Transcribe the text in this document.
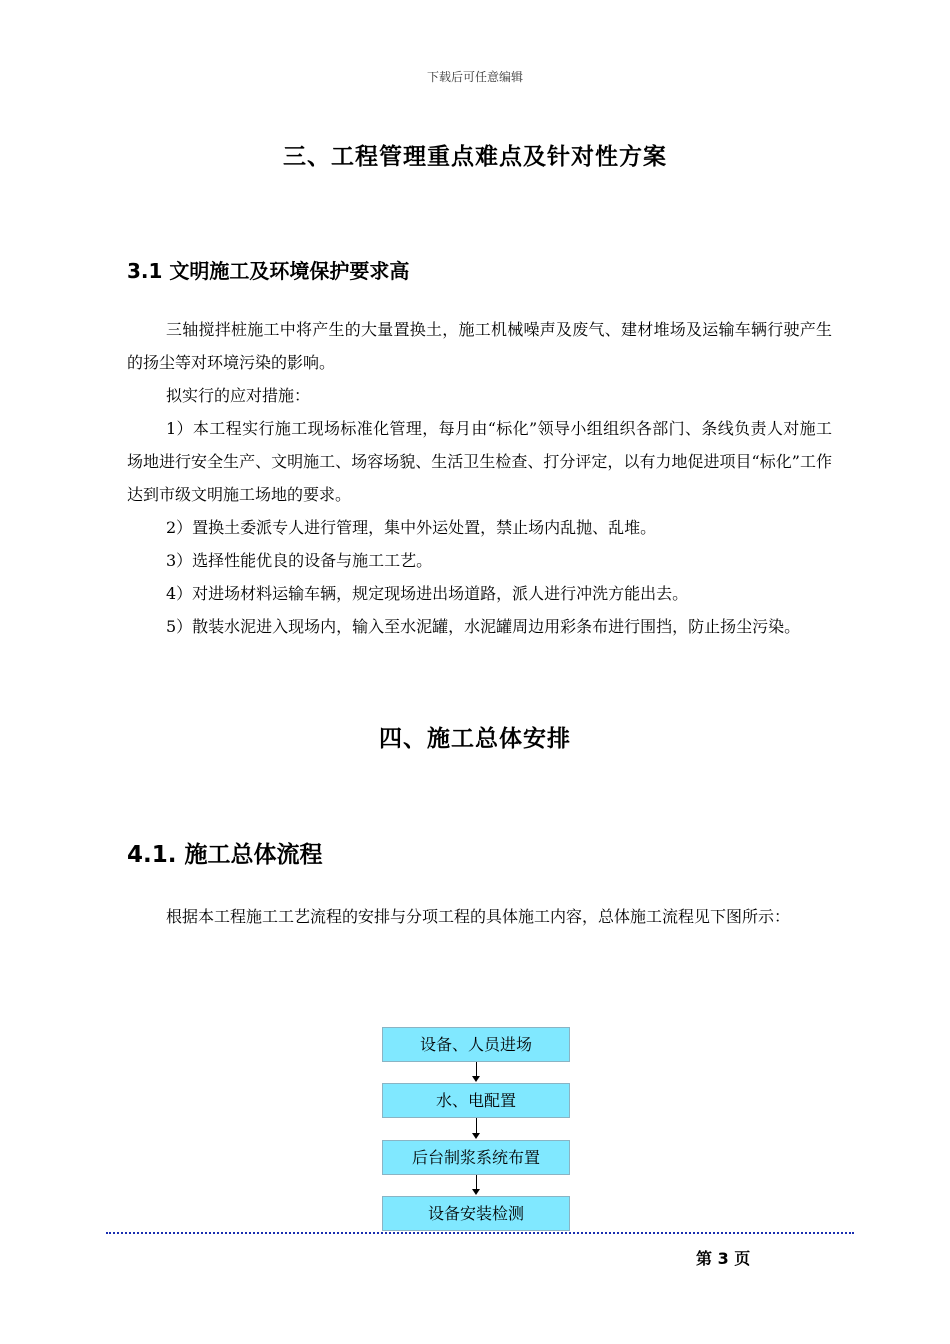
下载后可任意编辑
三、工程管理重点难点及针对性方案
3.1 文明施工及环境保护要求高

三轴搅拌桩施工中将产生的大量置换土，施工机械噪声及废气、建材堆场及运输车辆行驶产生的扬尘等对环境污染的影响。

拟实行的应对措施：

1）本工程实行施工现场标准化管理，每月由“标化”领导小组组织各部门、条线负责人对施工场地进行安全生产、文明施工、场容场貌、生活卫生检查、打分评定，以有力地促进项目“标化”工作达到市级文明施工场地的要求。

2）置换土委派专人进行管理，集中外运处置，禁止场内乱抛、乱堆。

3）选择性能优良的设备与施工工艺。

4）对进场材料运输车辆，规定现场进出场道路，派人进行冲洗方能出去。

5）散装水泥进入现场内，输入至水泥罐，水泥罐周边用彩条布进行围挡，防止扬尘污染。

四、施工总体安排
4.1. 施工总体流程

根据本工程施工工艺流程的安排与分项工程的具体施工内容，总体施工流程见下图所示：

设备、人员进场
水、电配置
后台制浆系统布置
设备安装检测
第 3 页
